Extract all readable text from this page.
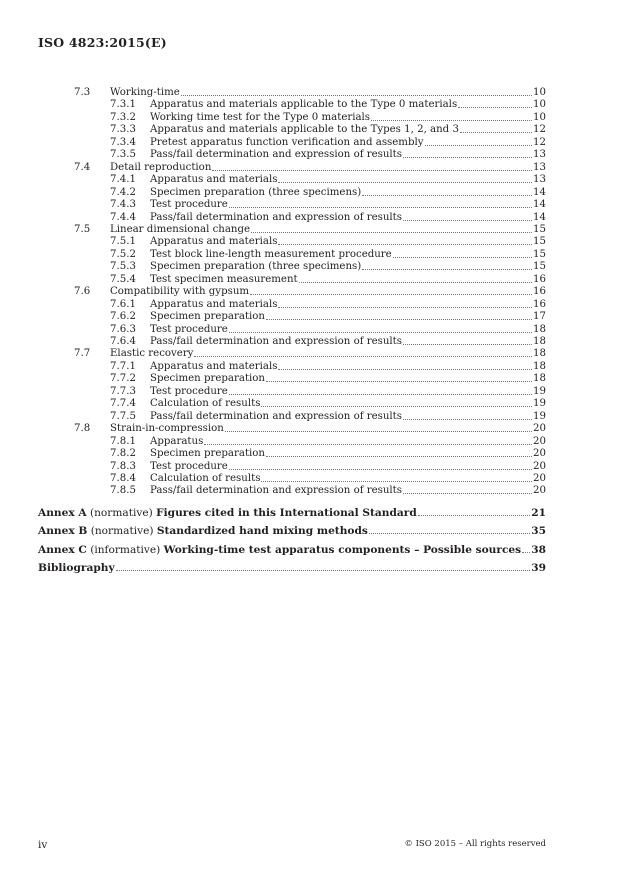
ISO 4823:2015(E)
7.3 Working-time	10
7.3.1 Apparatus and materials applicable to the Type 0 materials	10
7.3.2 Working time test for the Type 0 materials	10
7.3.3 Apparatus and materials applicable to the Types 1, 2, and 3	12
7.3.4 Pretest apparatus function verification and assembly	12
7.3.5 Pass/fail determination and expression of results	13
7.4 Detail reproduction	13
7.4.1 Apparatus and materials	13
7.4.2 Specimen preparation (three specimens)	14
7.4.3 Test procedure	14
7.4.4 Pass/fail determination and expression of results	14
7.5 Linear dimensional change	15
7.5.1 Apparatus and materials	15
7.5.2 Test block line-length measurement procedure	15
7.5.3 Specimen preparation (three specimens)	15
7.5.4 Test specimen measurement	16
7.6 Compatibility with gypsum	16
7.6.1 Apparatus and materials	16
7.6.2 Specimen preparation	17
7.6.3 Test procedure	18
7.6.4 Pass/fail determination and expression of results	18
7.7 Elastic recovery	18
7.7.1 Apparatus and materials	18
7.7.2 Specimen preparation	18
7.7.3 Test procedure	19
7.7.4 Calculation of results	19
7.7.5 Pass/fail determination and expression of results	19
7.8 Strain-in-compression	20
7.8.1 Apparatus	20
7.8.2 Specimen preparation	20
7.8.3 Test procedure	20
7.8.4 Calculation of results	20
7.8.5 Pass/fail determination and expression of results	20
Annex A (normative) Figures cited in this International Standard	21
Annex B (normative) Standardized hand mixing methods	35
Annex C (informative) Working-time test apparatus components – Possible sources 38
Bibliography	39
iv	© ISO 2015 – All rights reserved
